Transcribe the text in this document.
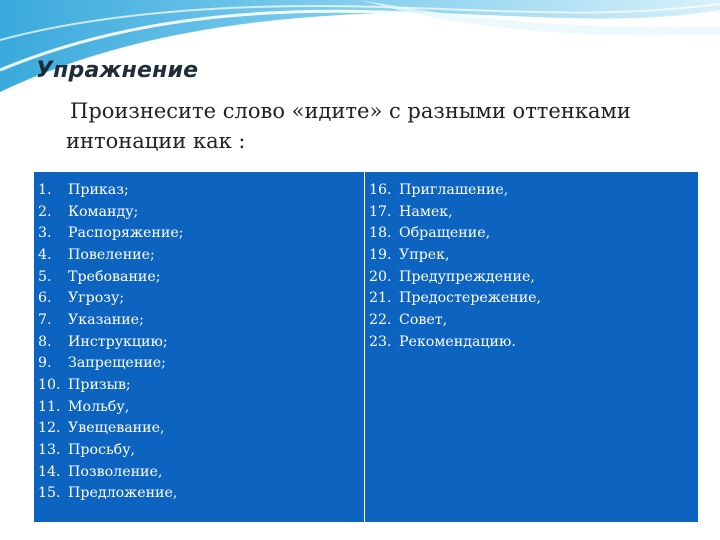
Упражнение
Произнесите слово «идите» с разными оттенками
интонации как :
1.	Приказ;
2.	Команду;
3.	Распоряжение;
4.	Повеление;
5.	Требование;
6.	Угрозу;
7.	Указание;
8.	Инструкцию;
9.	Запрещение;
10. Призыв;
11. Мольбу,
12. Увещевание,
13. Просьбу,
14. Позволение,
15. Предложение,
16. Приглашение,
17. Намек,
18. Обращение,
19. Упрек,
20. Предупреждение,
21. Предостережение,
22. Совет,
23. Рекомендацию.
